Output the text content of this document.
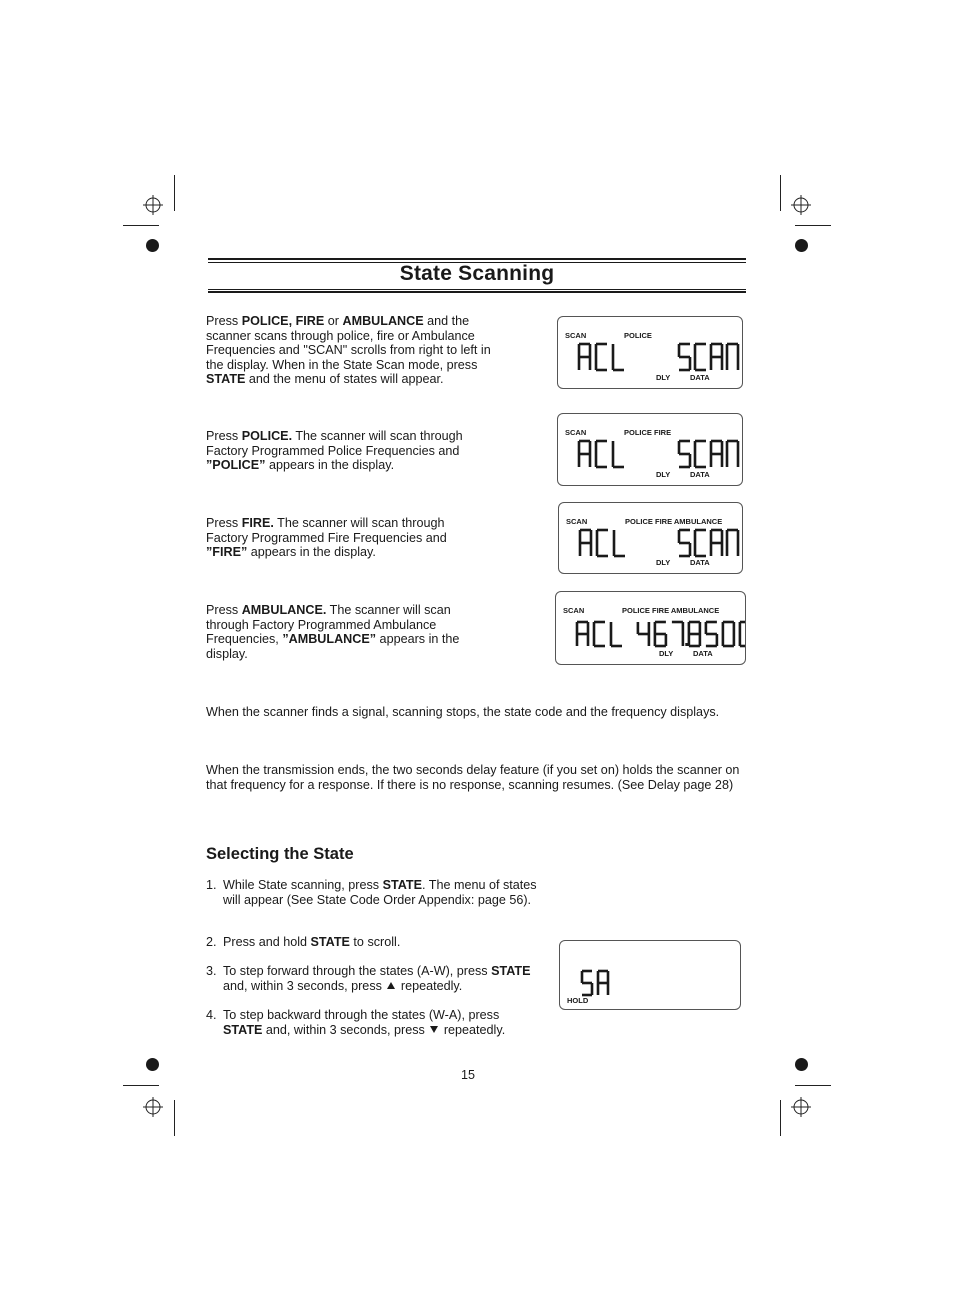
State Scanning
Press POLICE, FIRE or AMBULANCE and the scanner scans through police, fire or Ambulance Frequencies and "SCAN" scrolls from right to left in the display. When in the State Scan mode, press STATE and the menu of states will appear.
Press POLICE. The scanner will scan through Factory Programmed Police Frequencies and ”POLICE” appears in the display.
Press FIRE. The scanner will scan through Factory Programmed Fire Frequencies and ”FIRE” appears in the display.
Press AMBULANCE. The scanner will scan through Factory Programmed Ambulance Frequencies, ”AMBULANCE” appears in the display.
SCAN	POLICE
DLY	DATA
SCAN	POLICE FIRE
DLY	DATA
SCAN	POLICE FIRE AMBULANCE
DLY	DATA
SCAN	POLICE FIRE AMBULANCE
DLY	DATA
When the scanner finds a signal, scanning stops, the state code and the frequency displays.
When the transmission ends, the two seconds delay feature (if you set on) holds the scanner on that frequency for a response. If there is no response, scanning resumes. (See Delay page 28)
Selecting the State
1. While State scanning, press STATE. The menu of states will appear (See State Code Order Appendix: page 56).
2. Press and hold STATE to scroll.
3. To step forward through the states (A-W), press STATE and, within 3 seconds, press  repeatedly.
4. To step backward through the states (W-A), press STATE and, within 3 seconds, press  repeatedly.
HOLD
15
